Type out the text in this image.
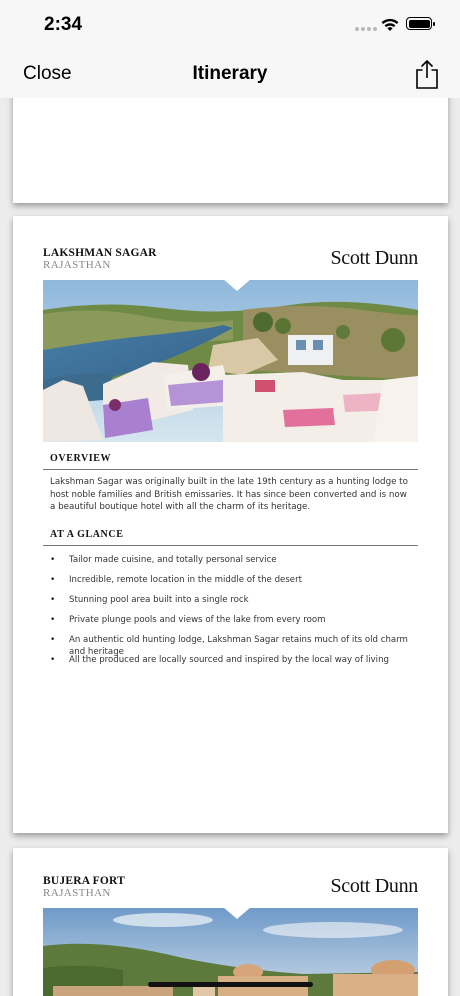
2:34
Close	Itinerary
LAKSHMAN SAGAR
RAJASTHAN	Scott Dunn
OVERVIEW
Lakshman Sagar was originally built in the late 19th century as a hunting lodge to host noble families and British emissaries. It has since been converted and is now a beautiful boutique hotel with all the charm of its heritage.
AT A GLANCE
• Tailor made cuisine, and totally personal service
• Incredible, remote location in the middle of the desert
• Stunning pool area built into a single rock
• Private plunge pools and views of the lake from every room
• An authentic old hunting lodge, Lakshman Sagar retains much of its old charm and heritage
• All the produced are locally sourced and inspired by the local way of living
BUJERA FORT
RAJASTHAN	Scott Dunn
